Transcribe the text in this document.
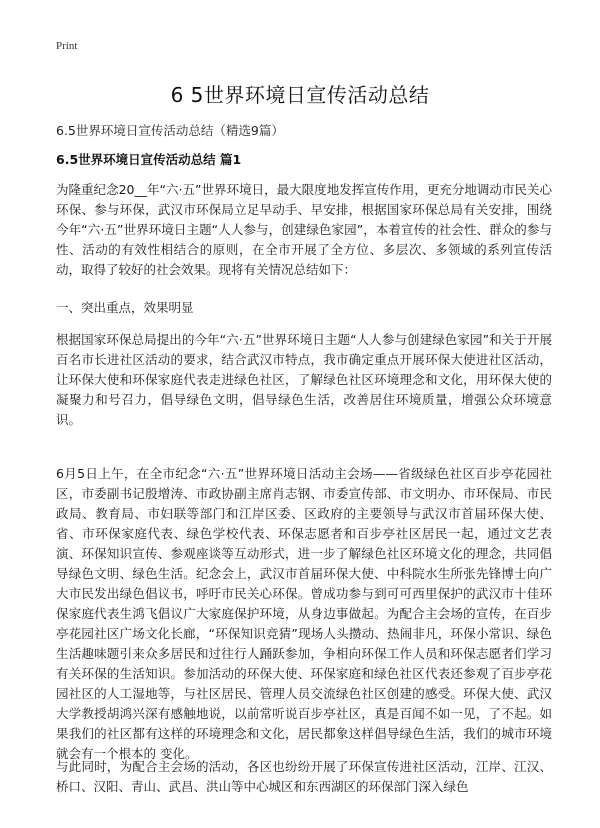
Print
6 5世界环境日宣传活动总结
6.5世界环境日宣传活动总结（精选9篇）
6.5世界环境日宣传活动总结 篇1

为隆重纪念20__年“六·五”世界环境日，最大限度地发挥宣传作用，更充分地调动市民关心环保、参与环保，武汉市环保局立足早动手、早安排，根据国家环保总局有关安排，围绕今年“六·五”世界环境日主题“人人参与，创建绿色家园”，本着宣传的社会性、群众的参与性、活动的有效性相结合的原则，在全市开展了全方位、多层次、多领域的系列宣传活动，取得了较好的社会效果。现将有关情况总结如下：

一、突出重点，效果明显

根据国家环保总局提出的今年“六·五”世界环境日主题“人人参与创建绿色家园”和关于开展百名市长进社区活动的要求，结合武汉市特点，我市确定重点开展环保大使进社区活动，让环保大使和环保家庭代表走进绿色社区，了解绿色社区环境理念和文化，用环保大使的凝聚力和号召力，倡导绿色文明，倡导绿色生活，改善居住环境质量，增强公众环境意识。

6月5日上午，在全市纪念“六·五”世界环境日活动主会场——省级绿色社区百步亭花园社区，市委副书记殷增涛、市政协副主席肖志钢、市委宣传部、市文明办、市环保局、市民政局、教育局、市妇联等部门和江岸区委、区政府的主要领导与武汉市首届环保大使、省、市环保家庭代表、绿色学校代表、环保志愿者和百步亭社区居民一起，通过文艺表演、环保知识宣传、参观座谈等互动形式，进一步了解绿色社区环境文化的理念，共同倡导绿色文明、绿色生活。纪念会上，武汉市首届环保大使、中科院水生所张先锋博士向广大市民发出绿色倡议书，呼吁市民关心环保。曾成功参与到可可西里保护的武汉市十佳环保家庭代表生鸿飞倡议广大家庭保护环境，从身边事做起。为配合主会场的宣传，在百步亭花园社区广场文化长廊，“环保知识竞猜”现场人头攒动、热闹非凡，环保小常识、绿色生活趣味题引来众多居民和过往行人踊跃参加，争相向环保工作人员和环保志愿者们学习有关环保的生活知识。参加活动的环保大使、环保家庭和绿色社区代表还参观了百步亭花园社区的人工湿地等，与社区居民、管理人员交流绿色社区创建的感受。环保大使、武汉大学教授胡鸿兴深有感触地说，以前常听说百步亭社区，真是百闻不如一见，了不起。如果我们的社区都有这样的环境理念和文化，居民都象这样倡导绿色生活，我们的城市环境就会有一个根本的 变化。

与此同时，为配合主会场的活动，各区也纷纷开展了环保宣传进社区活动，江岸、江汉、桥口、汉阳、青山、武昌、洪山等中心城区和东西湖区的环保部门深入绿色
